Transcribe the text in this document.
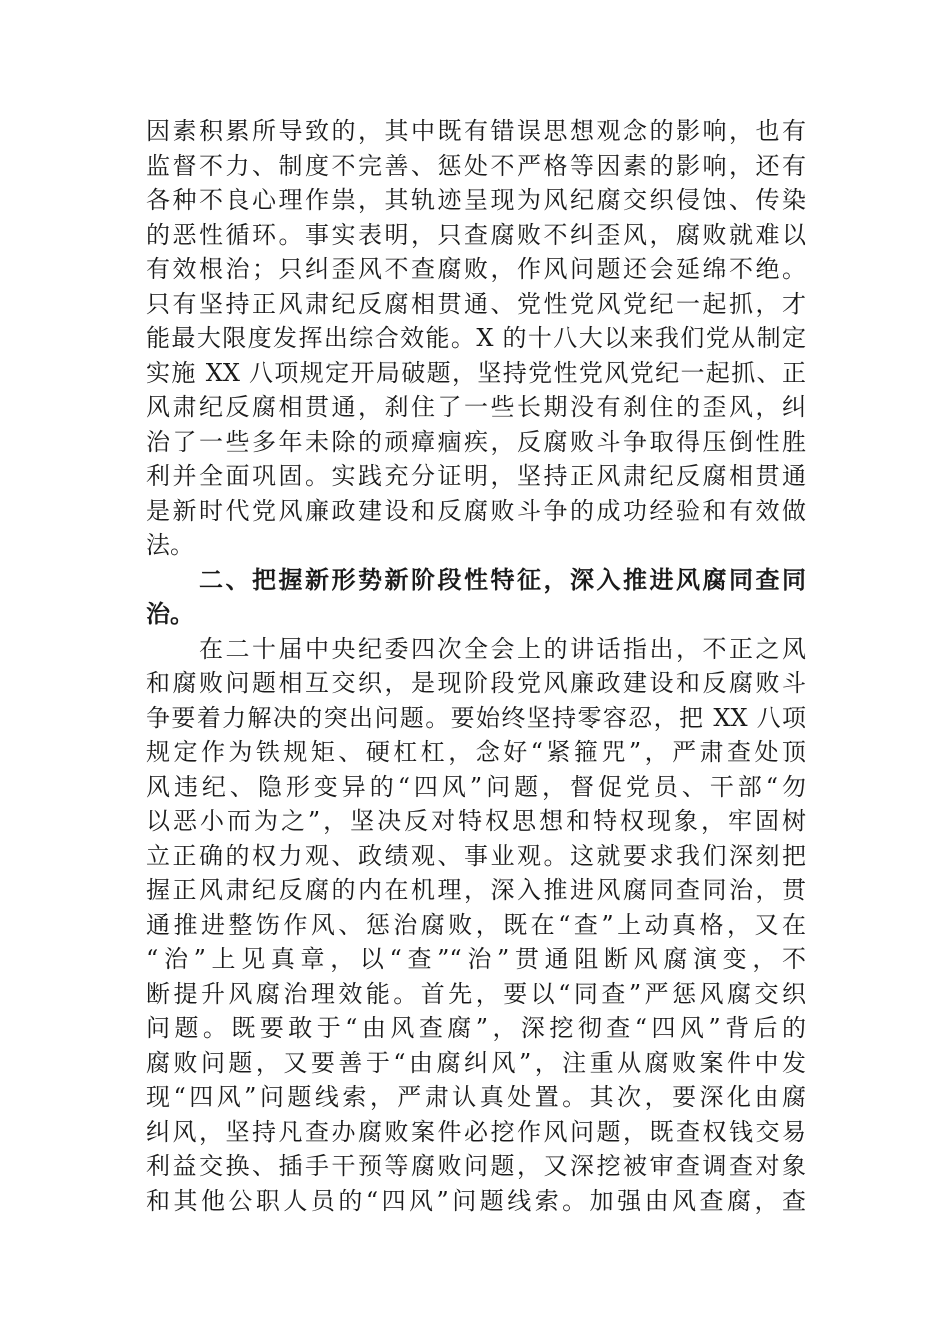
因素积累所导致的，其中既有错误思想观念的影响，也有
监督不力、制度不完善、惩处不严格等因素的影响，还有
各种不良心理作祟，其轨迹呈现为风纪腐交织侵蚀、传染
的恶性循环。事实表明，只查腐败不纠歪风，腐败就难以
有效根治；只纠歪风不查腐败，作风问题还会延绵不绝。
只有坚持正风肃纪反腐相贯通、党性党风党纪一起抓，才
能最大限度发挥出综合效能。X 的十八大以来我们党从制定
实施 XX 八项规定开局破题，坚持党性党风党纪一起抓、正
风肃纪反腐相贯通，刹住了一些长期没有刹住的歪风，纠
治了一些多年未除的顽瘴痼疾，反腐败斗争取得压倒性胜
利并全面巩固。实践充分证明，坚持正风肃纪反腐相贯通
是新时代党风廉政建设和反腐败斗争的成功经验和有效做
法。
　　二、把握新形势新阶段性特征，深入推进风腐同查同
治。
　　在二十届中央纪委四次全会上的讲话指出，不正之风
和腐败问题相互交织，是现阶段党风廉政建设和反腐败斗
争要着力解决的突出问题。要始终坚持零容忍，把 XX 八项
规定作为铁规矩、硬杠杠，念好“紧箍咒”，严肃查处顶
风违纪、隐形变异的“四风”问题，督促党员、干部“勿
以恶小而为之”，坚决反对特权思想和特权现象，牢固树
立正确的权力观、政绩观、事业观。这就要求我们深刻把
握正风肃纪反腐的内在机理，深入推进风腐同查同治，贯
通推进整饬作风、惩治腐败，既在“查”上动真格，又在
“治”上见真章，以“查”“治”贯通阻断风腐演变，不
断提升风腐治理效能。首先，要以“同查”严惩风腐交织
问题。既要敢于“由风查腐”，深挖彻查“四风”背后的
腐败问题，又要善于“由腐纠风”，注重从腐败案件中发
现“四风”问题线索，严肃认真处置。其次，要深化由腐
纠风，坚持凡查办腐败案件必挖作风问题，既查权钱交易
利益交换、插手干预等腐败问题，又深挖被审查调查对象
和其他公职人员的“四风”问题线索。加强由风查腐，查
